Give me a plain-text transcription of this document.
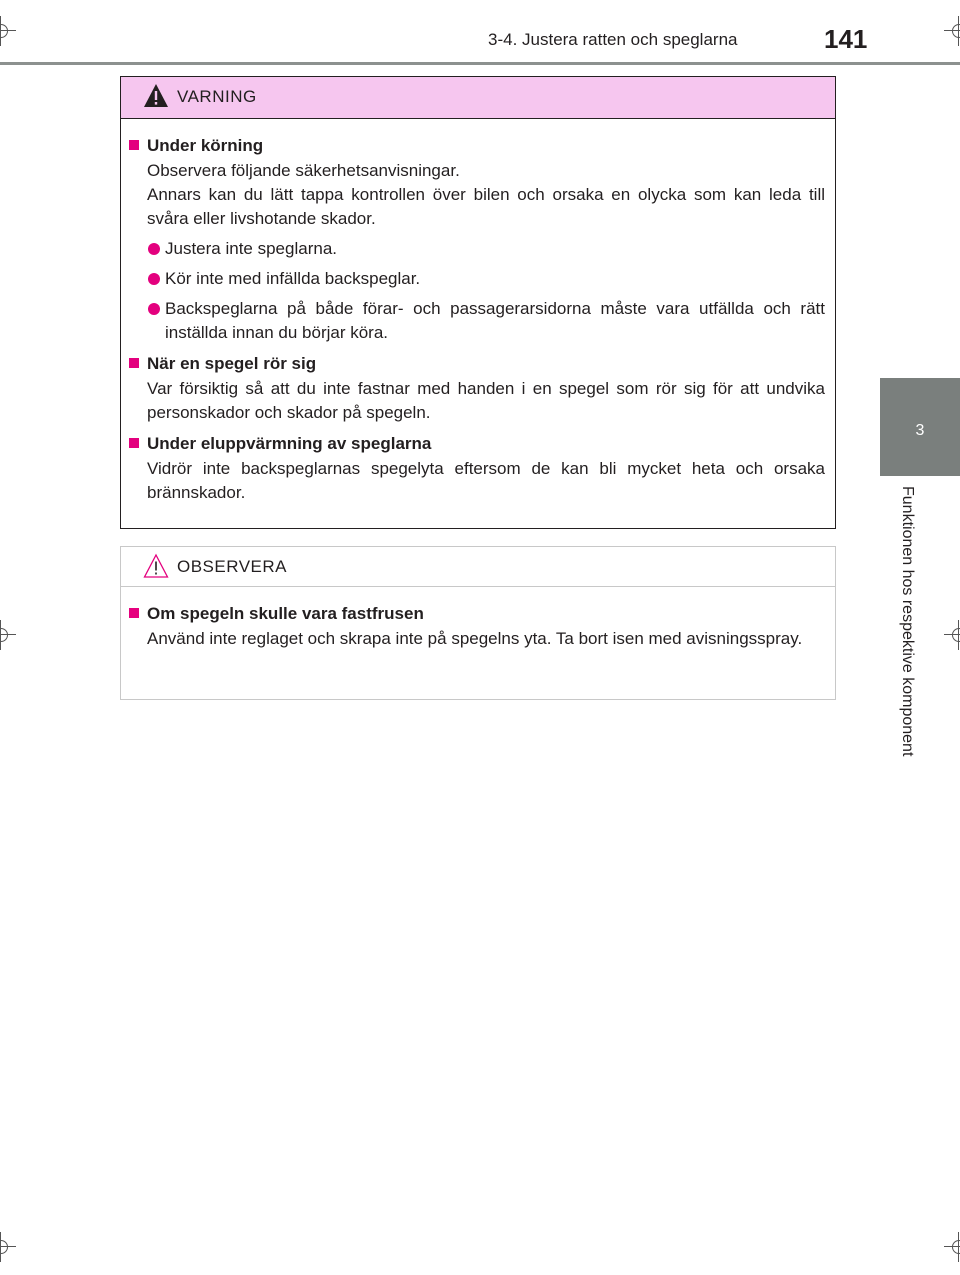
3-4. Justera ratten och speglarna	141
3
Funktionen hos respektive komponent
VARNING
Under körning
Observera följande säkerhetsanvisningar.
Annars kan du lätt tappa kontrollen över bilen och orsaka en olycka som kan leda till svåra eller livshotande skador.
Justera inte speglarna.
Kör inte med infällda backspeglar.
Backspeglarna på både förar- och passagerarsidorna måste vara utfällda och rätt inställda innan du börjar köra.
När en spegel rör sig
Var försiktig så att du inte fastnar med handen i en spegel som rör sig för att undvika personskador och skador på spegeln.
Under eluppvärmning av speglarna
Vidrör inte backspeglarnas spegelyta eftersom de kan bli mycket heta och orsaka brännskador.
OBSERVERA
Om spegeln skulle vara fastfrusen
Använd inte reglaget och skrapa inte på spegelns yta. Ta bort isen med avisningsspray.
